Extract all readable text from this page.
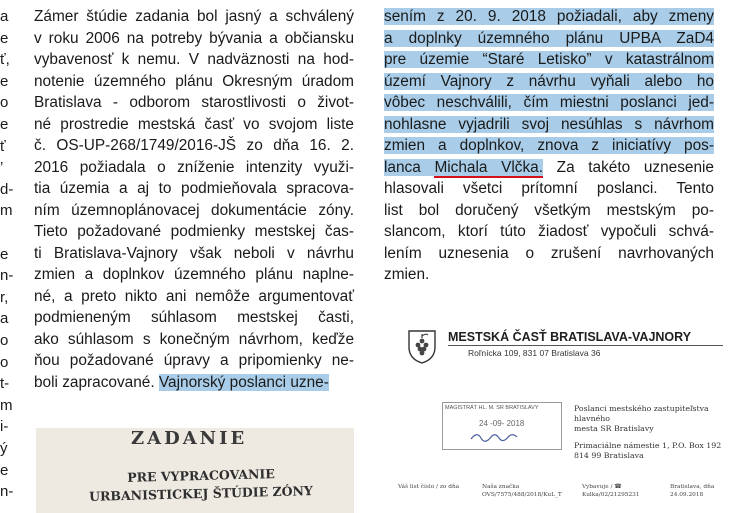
a
e
ť,
e
o
e
ť
’
d-
m
e
n-
r,
a
o
o
t-
m
i-
ý
e
n-
Zámer štúdie zadania bol jasný a schválený
v roku 2006 na potreby bývania a občiansku
vybavenosť k nemu. V nadväznosti na hod-
notenie územného plánu Okresným úradom
Bratislava - odborom starostlivosti o život-
né prostredie mestská časť vo svojom liste
č. OS-UP-268/1749/2016-JŠ zo dňa 16. 2.
2016 požiadala o zníženie intenzity využi-
tia územia a aj to podmieňovala spracova-
ním územnoplánovacej dokumentácie zóny.
Tieto požadované podmienky mestskej čas-
ti Bratislava-Vajnory však neboli v návrhu
zmien a doplnkov územného plánu naplne-
né, a preto nikto ani nemôže argumentovať
podmieneným súhlasom mestskej časti,
ako súhlasom s konečným návrhom, keďže
ňou požadované úpravy a pripomienky ne-
boli zapracované. Vajnorský poslanci uzne-
sením z 20. 9. 2018 požiadali, aby zmeny
a doplnky územného plánu UPBA ZaD4
pre územie “Staré Letisko” v katastrálnom
území Vajnory z návrhu vyňali alebo ho
vôbec neschválili, čím miestni poslanci jed-
nohlasne vyjadrili svoj nesúhlas s návrhom
zmien a doplnkov, znova z iniciatívy pos-
lanca Michala Vlčka. Za takéto uznesenie
hlasovali všetci prítomní poslanci. Tento
list bol doručený všetkým mestským po-
slancom, ktorí túto žiadosť vypočuli schvá-
lením uznesenia o zrušení navrhovaných
zmien.
ZADANIE
PRE VYPRACOVANIE
URBANISTICKEJ ŠTÚDIE ZÓNY
MESTSKÁ ČASŤ BRATISLAVA-VAJNORY
Roľnícka 109, 831 07 Bratislava 36
MAGISTRÁT HL. M. SR BRATISLAVY
24 -09- 2018
Poslanci mestského zastupiteľstva hlavného
mesta SR Bratislavy
Primaciálne námestie 1, P.O. Box 192
814 99 Bratislava
Váš list číslo / zo dňa	Naša značka
OVS/7575/488/2018/KuL_T
Vybavuje / ☎
Kulka/02/21295231
Bratislava, dňa
24.09.2018
